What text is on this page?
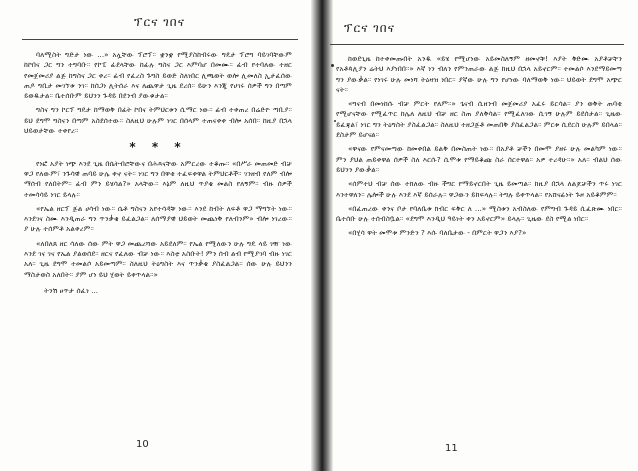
ፕርና ገበና

ባለሚስት ግድታ ነው ...» አሏቸው ፕሮፕ። ቋንቋ የሚያስከብሩው ግዴታ ፕሮግ ባይገባቸውም ከኮበና ጋር ግን ተግባቡ። የኮፒ ፊደላቸው ከፊሉ ግስና ጋር እምባሆ በመሙ። ፊብ የተባለው ተዘር የመጀመሪያ ልጅ ከግስና ጋር ቀረ። ፊብ የፈረስ ጉግስ ይወድ ስለነበር ሊጫወት ወሎ ሊመለስ ኢታፈሰው ጠዶ ግቢታ መገኘቱ ንገ። ከሰጋነ ሊትሰራ እና ለጨዋታ ጊዜ ደረሰ። ይሁን እንጂ የሀገሩ ሰዎች ግን በጣም ይወዱታል። ቤተሰቡም ይህንን ጉዳይ በደንብ ያውቁታል።

ግስና ግን ኮርፕ ግዴታ ከማወቅ በፊት ኮበና ትምህርቱን ሲማር ነው። ፊብ ተቀጠረ በሬድዮ ጣቢያ። ይህ ደግሞ ግስናን በጣም አስደሰተው። ስለዚህ ሁሉም ነገር በሰላም ተጠናቀቀ ብሎ አሰበ። ከዚያ በኋላ ህይወታቸው ተቀየረ።

* * *

የነፎ አያት ነጭ እንደ ጊዜ በሴትብሮቸውና በሕጻናቸው አምርረው ተቆጡ። «በሥራ መጠመድ ብቻ ዋጋ የለውም፣ ንጉሳዊ ጠባይ ሁሌ ቀኖ ናት። ነገር ግን በዋቂ ተፈፍቀዋል ትምህርቶች። ገንዘብ የለም ብሎ ማሰብ የለበትም። ፊብ ምን ይሄሳል?» አላቸው። እኔም ለዚህ ጥያቄ መልስ የለኝም። ብዙ ሰዎች ተመሳሳይ ነገር ይላሉ።

«የኤል ዘርፕ ጅል ሀሳብ ነው። ሴቶ ግስናን አየተሳዳቹ ነው። እንደ ከብት ለፍቶ ዋጋ ማግኘት ነው። እንደገና ስሙ እንዲጠራ ግን ጥንቃቄ ይፈልጋል። ለሰማያዊ ህይወት መጨነቅ የለብንም» ብሎ ነገረው። ያ ሁሉ ተሰምቶ አልቀረም።

«ለበለጸ ዘር ሳለው ሰው ምት ዋጋ መጨረሻው አይደለም። የኤል የሚለውን ሁሉ ግዴ ላይ ገዥ ነው እንደ ገና ገና የኤል ያልወሰደ። ዘርና የፈለው ብቻ ነው። እስቲ አስቡት! ምን ሰብ ልብ የሚያገባ ብዙ ነገር አለ። ጊዜ ደግሞ ተመልሶ አይመጣም። ስለዚህ ትዕግስት እና ጥንቃቄ ያስፈልጋል። ሰው ሁሉ ይህንን ማስታወስ አለበት። ያም ሆነ ይህ ሂወት ይቀጥላል።»

ትንሽ ፀጥታ ሰፈነ ...

10
ፕርና ገበና

ከወደጊዜ ከተቀመጡበት አንዱ «ይሄ የሚሆነው አይመስለኝም ዘመኖቹ! እያት ቅድሙ አያቶቻቸን የአቶጳሊያን ሬትህ እያነበበ።» እኛ ነን ብለን የምንጠራው ልጅ ከዚህ በኋላ አይኖርም። ተመልሶ እንደማይመጣ ግን ያውቃል። የነገሩ ሁሉ መነሻ ትዕዛዝ ነበር። ያኛው ሁሉ ግን የሆነው ባለማወቅ ነው። ህይወት ደግሞ አጭር ናት።

«ግናብ በመነከሱ ብቻ ምርት የለም።» ጌናብ ሲዘንብ መጀመሪያ አፈሩ ይርሳል። ያን ወቅት ጠባቂ የሚሆናቸው የሚፈጥር ከሌለ ለዚህ ብቻ ዘር ስጠ ያለቅሳል። የሚፈለገው ሲገኝ ሁሉም ይደሰታል። ጊዜው ይፈጃል፣ ነገር ግን ትዕግስት ያስፈልጋል። ስለዚህ ተዘጋጅቶ መጠበቅ ያስፈልጋል። ምርቱ ሲደርስ ሁሉም ይበላል። ደስታም ይሆናል።

«ዋናው የምናመጣው ከመቀበል ይልቅ በመስጠት ነው። በአያቶ ቻችን በመሞ ያዘሩ ሁሉ መልካም ነው። ምን ያህል ጠይቀዋል ሰዎች ስለ እርሱ? ሲሞቱ የማይቆጩ ስራ ሰርተዋል። አዎ ተረዳሁ።» አለ። ብልህ ሰው ይህንን ያውቃል።

«ሰምተህ ብቻ ሰው ተክለው ብዙ ችግር የማይኖርበት ጊዜ ይመጣል። ከዚያ በኋላ ለልጆቻችን ጥሩ ነገር እንተዋለን። ሌሎች ሁሉ እንደ እኛ ይሰራሉ። ዋጋውን ይከፍላሉ። ትግሉ ይቀጥላል። የአሸናፊነት ጉዞ አይቆምም።

«በፈጠረው ቀንና ቦታ የባለቤቱ ክብር ፍቅር ለ ...» ሚስቱን አብስለው የምግብ ጉዳይ ሲፈጽሙ ነበር። ቤተሰቡ ሁሉ ተሰብስቧል። «ደግሞ እንዲህ ዓይነት ቀን አይኖርም» ይላሉ። ጊዜው ደስ የሚል ነበር።

«በሂሳ ዋት መሞቱ ምንድን ? እሱ ባለቤታው - በምርት ዋጋን እያ?»

11
